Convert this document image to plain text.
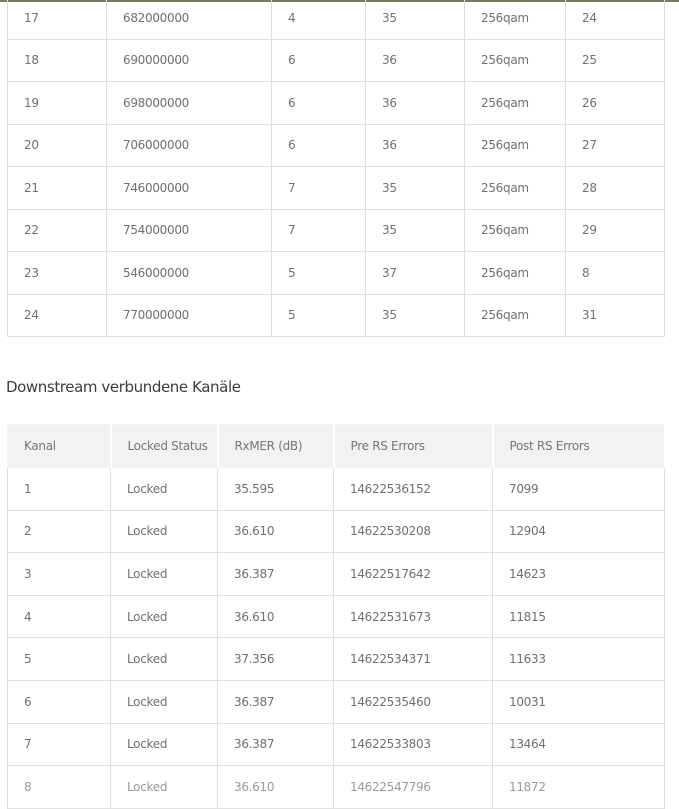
17	682000000	4	35	256qam	24
18	690000000	6	36	256qam	25
19	698000000	6	36	256qam	26
20	706000000	6	36	256qam	27
21	746000000	7	35	256qam	28
22	754000000	7	35	256qam	29
23	546000000	5	37	256qam	8
24	770000000	5	35	256qam	31
Downstream verbundene Kanäle
Kanal	Locked Status	RxMER (dB)	Pre RS Errors	Post RS Errors
1	Locked	35.595	14622536152	7099
2	Locked	36.610	14622530208	12904
3	Locked	36.387	14622517642	14623
4	Locked	36.610	14622531673	11815
5	Locked	37.356	14622534371	11633
6	Locked	36.387	14622535460	10031
7	Locked	36.387	14622533803	13464
8	Locked	36.610	14622547796	11872
